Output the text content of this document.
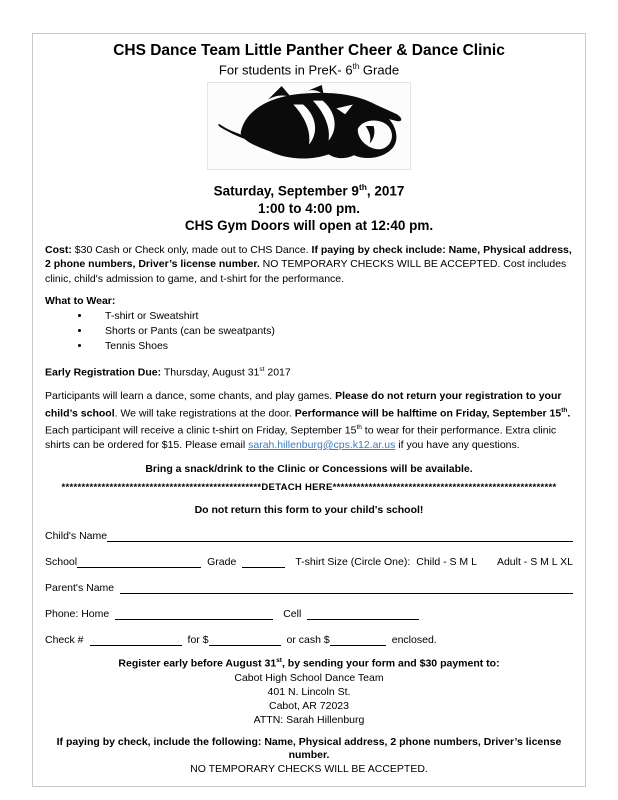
CHS Dance Team Little Panther Cheer & Dance Clinic
For students in PreK- 6th Grade
Saturday, September 9th, 2017
1:00 to 4:00 pm.
CHS Gym Doors will open at 12:40 pm.
Cost: $30 Cash or Check only, made out to CHS Dance. If paying by check include: Name, Physical address, 2 phone numbers, Driver’s license number. NO TEMPORARY CHECKS WILL BE ACCEPTED. Cost includes clinic, child's admission to game, and t-shirt for the performance.
What to Wear:
• T-shirt or Sweatshirt
• Shorts or Pants (can be sweatpants)
• Tennis Shoes
Early Registration Due: Thursday, August 31st 2017
Participants will learn a dance, some chants, and play games. Please do not return your registration to your child’s school. We will take registrations at the door. Performance will be halftime on Friday, September 15th. Each participant will receive a clinic t-shirt on Friday, September 15th to wear for their performance. Extra clinic shirts can be ordered for $15. Please email sarah.hillenburg@cps.k12.ar.us if you have any questions.
Bring a snack/drink to the Clinic or Concessions will be available.
************************************************** DETACH HERE ********************************************************
Do not return this form to your child's school!
Child's Name
School	Grade	T-shirt Size (Circle One): Child - S M L Adult - S M L XL
Parent's Name
Phone: Home	Cell
Check #	for $	or cash $	enclosed.
Register early before August 31st, by sending your form and $30 payment to:
Cabot High School Dance Team
401 N. Lincoln St.
Cabot, AR 72023
ATTN: Sarah Hillenburg
If paying by check, include the following: Name, Physical address, 2 phone numbers, Driver’s license number.
NO TEMPORARY CHECKS WILL BE ACCEPTED.
